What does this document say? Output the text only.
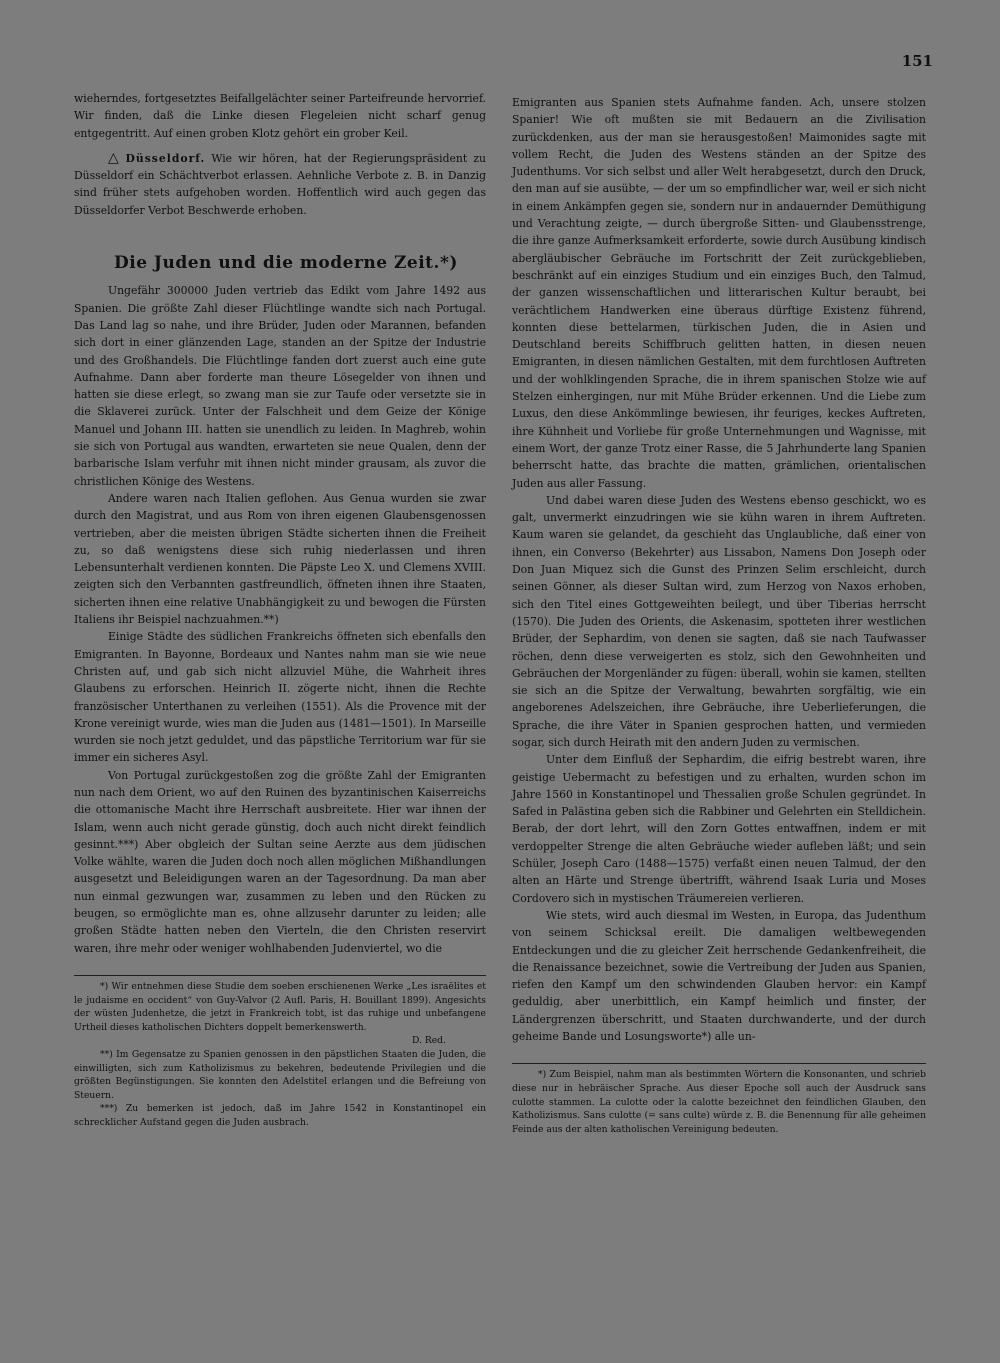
151

wieherndes, fortgesetztes Beifallgelächter seiner Parteifreunde hervorrief. Wir finden, daß die Linke diesen Flegeleien nicht scharf genug entgegentritt. Auf einen groben Klotz gehört ein grober Keil.

△ Düsseldorf. Wie wir hören, hat der Regierungspräsident zu Düsseldorf ein Schächtverbot erlassen. Aehnliche Verbote z. B. in Danzig sind früher stets aufgehoben worden. Hoffentlich wird auch gegen das Düsseldorfer Verbot Beschwerde erhoben.

Die Juden und die moderne Zeit.*)

Ungefähr 300000 Juden vertrieb das Edikt vom Jahre 1492 aus Spanien. Die größte Zahl dieser Flüchtlinge wandte sich nach Portugal. Das Land lag so nahe, und ihre Brüder, Juden oder Marannen, befanden sich dort in einer glänzenden Lage, standen an der Spitze der Industrie und des Großhandels. Die Flüchtlinge fanden dort zuerst auch eine gute Aufnahme. Dann aber forderte man theure Lösegelder von ihnen und hatten sie diese erlegt, so zwang man sie zur Taufe oder versetzte sie in die Sklaverei zurück. Unter der Falschheit und dem Geize der Könige Manuel und Johann III. hatten sie unendlich zu leiden. In Maghreb, wohin sie sich von Portugal aus wandten, erwarteten sie neue Qualen, denn der barbarische Islam verfuhr mit ihnen nicht minder grausam, als zuvor die christlichen Könige des Westens.

Andere waren nach Italien geflohen. Aus Genua wurden sie zwar durch den Magistrat, und aus Rom von ihren eigenen Glaubensgenossen vertrieben, aber die meisten übrigen Städte sicherten ihnen die Freiheit zu, so daß wenigstens diese sich ruhig niederlassen und ihren Lebensunterhalt verdienen konnten. Die Päpste Leo X. und Clemens XVIII. zeigten sich den Verbannten gastfreundlich, öffneten ihnen ihre Staaten, sicherten ihnen eine relative Unabhängigkeit zu und bewogen die Fürsten Italiens ihr Beispiel nachzuahmen.**)

Einige Städte des südlichen Frankreichs öffneten sich ebenfalls den Emigranten. In Bayonne, Bordeaux und Nantes nahm man sie wie neue Christen auf, und gab sich nicht allzuviel Mühe, die Wahrheit ihres Glaubens zu erforschen. Heinrich II. zögerte nicht, ihnen die Rechte französischer Unterthanen zu verleihen (1551). Als die Provence mit der Krone vereinigt wurde, wies man die Juden aus (1481—1501). In Marseille wurden sie noch jetzt geduldet, und das päpstliche Territorium war für sie immer ein sicheres Asyl.

Von Portugal zurückgestoßen zog die größte Zahl der Emigranten nun nach dem Orient, wo auf den Ruinen des byzantinischen Kaiserreichs die ottomanische Macht ihre Herrschaft ausbreitete. Hier war ihnen der Islam, wenn auch nicht gerade günstig, doch auch nicht direkt feindlich gesinnt.***) Aber obgleich der Sultan seine Aerzte aus dem jüdischen Volke wählte, waren die Juden doch noch allen möglichen Mißhandlungen ausgesetzt und Beleidigungen waren an der Tagesordnung. Da man aber nun einmal gezwungen war, zusammen zu leben und den Rücken zu beugen, so ermöglichte man es, ohne allzusehr darunter zu leiden; alle großen Städte hatten neben den Vierteln, die den Christen reservirt waren, ihre mehr oder weniger wohlhabenden Judenviertel, wo die

*) Wir entnehmen diese Studie dem soeben erschienenen Werke „Les israëlites et le judaisme en occident“ von Guy-Valvor (2 Aufl. Paris, H. Bouillant 1899). Angesichts der wüsten Judenhetze, die jetzt in Frankreich tobt, ist das ruhige und unbefangene Urtheil dieses katholischen Dichters doppelt bemerkenswerth.

D. Red.

**) Im Gegensatze zu Spanien genossen in den päpstlichen Staaten die Juden, die einwilligten, sich zum Katholizismus zu bekehren, bedeutende Privilegien und die größten Begünstigungen. Sie konnten den Adelstitel erlangen und die Befreiung von Steuern.

***) Zu bemerken ist jedoch, daß im Jahre 1542 in Konstantinopel ein schrecklicher Aufstand gegen die Juden ausbrach.

Emigranten aus Spanien stets Aufnahme fanden. Ach, unsere stolzen Spanier! Wie oft mußten sie mit Bedauern an die Zivilisation zurückdenken, aus der man sie herausgestoßen! Maimonides sagte mit vollem Recht, die Juden des Westens ständen an der Spitze des Judenthums. Vor sich selbst und aller Welt herabgesetzt, durch den Druck, den man auf sie ausübte, — der um so empfindlicher war, weil er sich nicht in einem Ankämpfen gegen sie, sondern nur in andauernder Demüthigung und Verachtung zeigte, — durch übergroße Sitten- und Glaubensstrenge, die ihre ganze Aufmerksamkeit erforderte, sowie durch Ausübung kindisch abergläubischer Gebräuche im Fortschritt der Zeit zurückgeblieben, beschränkt auf ein einziges Studium und ein einziges Buch, den Talmud, der ganzen wissenschaftlichen und litterarischen Kultur beraubt, bei verächtlichem Handwerken eine überaus dürftige Existenz führend, konnten diese bettelarmen, türkischen Juden, die in Asien und Deutschland bereits Schiffbruch gelitten hatten, in diesen neuen Emigranten, in diesen nämlichen Gestalten, mit dem furchtlosen Auftreten und der wohlklingenden Sprache, die in ihrem spanischen Stolze wie auf Stelzen einhergingen, nur mit Mühe Brüder erkennen. Und die Liebe zum Luxus, den diese Ankömmlinge bewiesen, ihr feuriges, keckes Auftreten, ihre Kühnheit und Vorliebe für große Unternehmungen und Wagnisse, mit einem Wort, der ganze Trotz einer Rasse, die 5 Jahrhunderte lang Spanien beherrscht hatte, das brachte die matten, grämlichen, orientalischen Juden aus aller Fassung.

Und dabei waren diese Juden des Westens ebenso geschickt, wo es galt, unvermerkt einzudringen wie sie kühn waren in ihrem Auftreten. Kaum waren sie gelandet, da geschieht das Unglaubliche, daß einer von ihnen, ein Converso (Bekehrter) aus Lissabon, Namens Don Joseph oder Don Juan Miquez sich die Gunst des Prinzen Selim erschleicht, durch seinen Gönner, als dieser Sultan wird, zum Herzog von Naxos erhoben, sich den Titel eines Gottgeweihten beilegt, und über Tiberias herrscht (1570). Die Juden des Orients, die Askenasim, spotteten ihrer westlichen Brüder, der Sephardim, von denen sie sagten, daß sie nach Taufwasser röchen, denn diese verweigerten es stolz, sich den Gewohnheiten und Gebräuchen der Morgenländer zu fügen: überall, wohin sie kamen, stellten sie sich an die Spitze der Verwaltung, bewahrten sorgfältig, wie ein angeborenes Adelszeichen, ihre Gebräuche, ihre Ueberlieferungen, die Sprache, die ihre Väter in Spanien gesprochen hatten, und vermieden sogar, sich durch Heirath mit den andern Juden zu vermischen.

Unter dem Einfluß der Sephardim, die eifrig bestrebt waren, ihre geistige Uebermacht zu befestigen und zu erhalten, wurden schon im Jahre 1560 in Konstantinopel und Thessalien große Schulen gegründet. In Safed in Palästina geben sich die Rabbiner und Gelehrten ein Stelldichein. Berab, der dort lehrt, will den Zorn Gottes entwaffnen, indem er mit verdoppelter Strenge die alten Gebräuche wieder aufleben läßt; und sein Schüler, Joseph Caro (1488—1575) verfaßt einen neuen Talmud, der den alten an Härte und Strenge übertrifft, während Isaak Luria und Moses Cordovero sich in mystischen Träumereien verlieren.

Wie stets, wird auch diesmal im Westen, in Europa, das Judenthum von seinem Schicksal ereilt. Die damaligen weltbewegenden Entdeckungen und die zu gleicher Zeit herrschende Gedankenfreiheit, die die Renaissance bezeichnet, sowie die Vertreibung der Juden aus Spanien, riefen den Kampf um den schwindenden Glauben hervor: ein Kampf geduldig, aber unerbittlich, ein Kampf heimlich und finster, der Ländergrenzen überschritt, und Staaten durchwanderte, und der durch geheime Bande und Losungsworte*) alle un-

*) Zum Beispiel, nahm man als bestimmten Wörtern die Konsonanten, und schrieb diese nur in hebräischer Sprache. Aus dieser Epoche soll auch der Ausdruck sans culotte stammen. La culotte oder la calotte bezeichnet den feindlichen Glauben, den Katholizismus. Sans culotte (= sans culte) würde z. B. die Benennung für alle geheimen Feinde aus der alten katholischen Vereinigung bedeuten.
